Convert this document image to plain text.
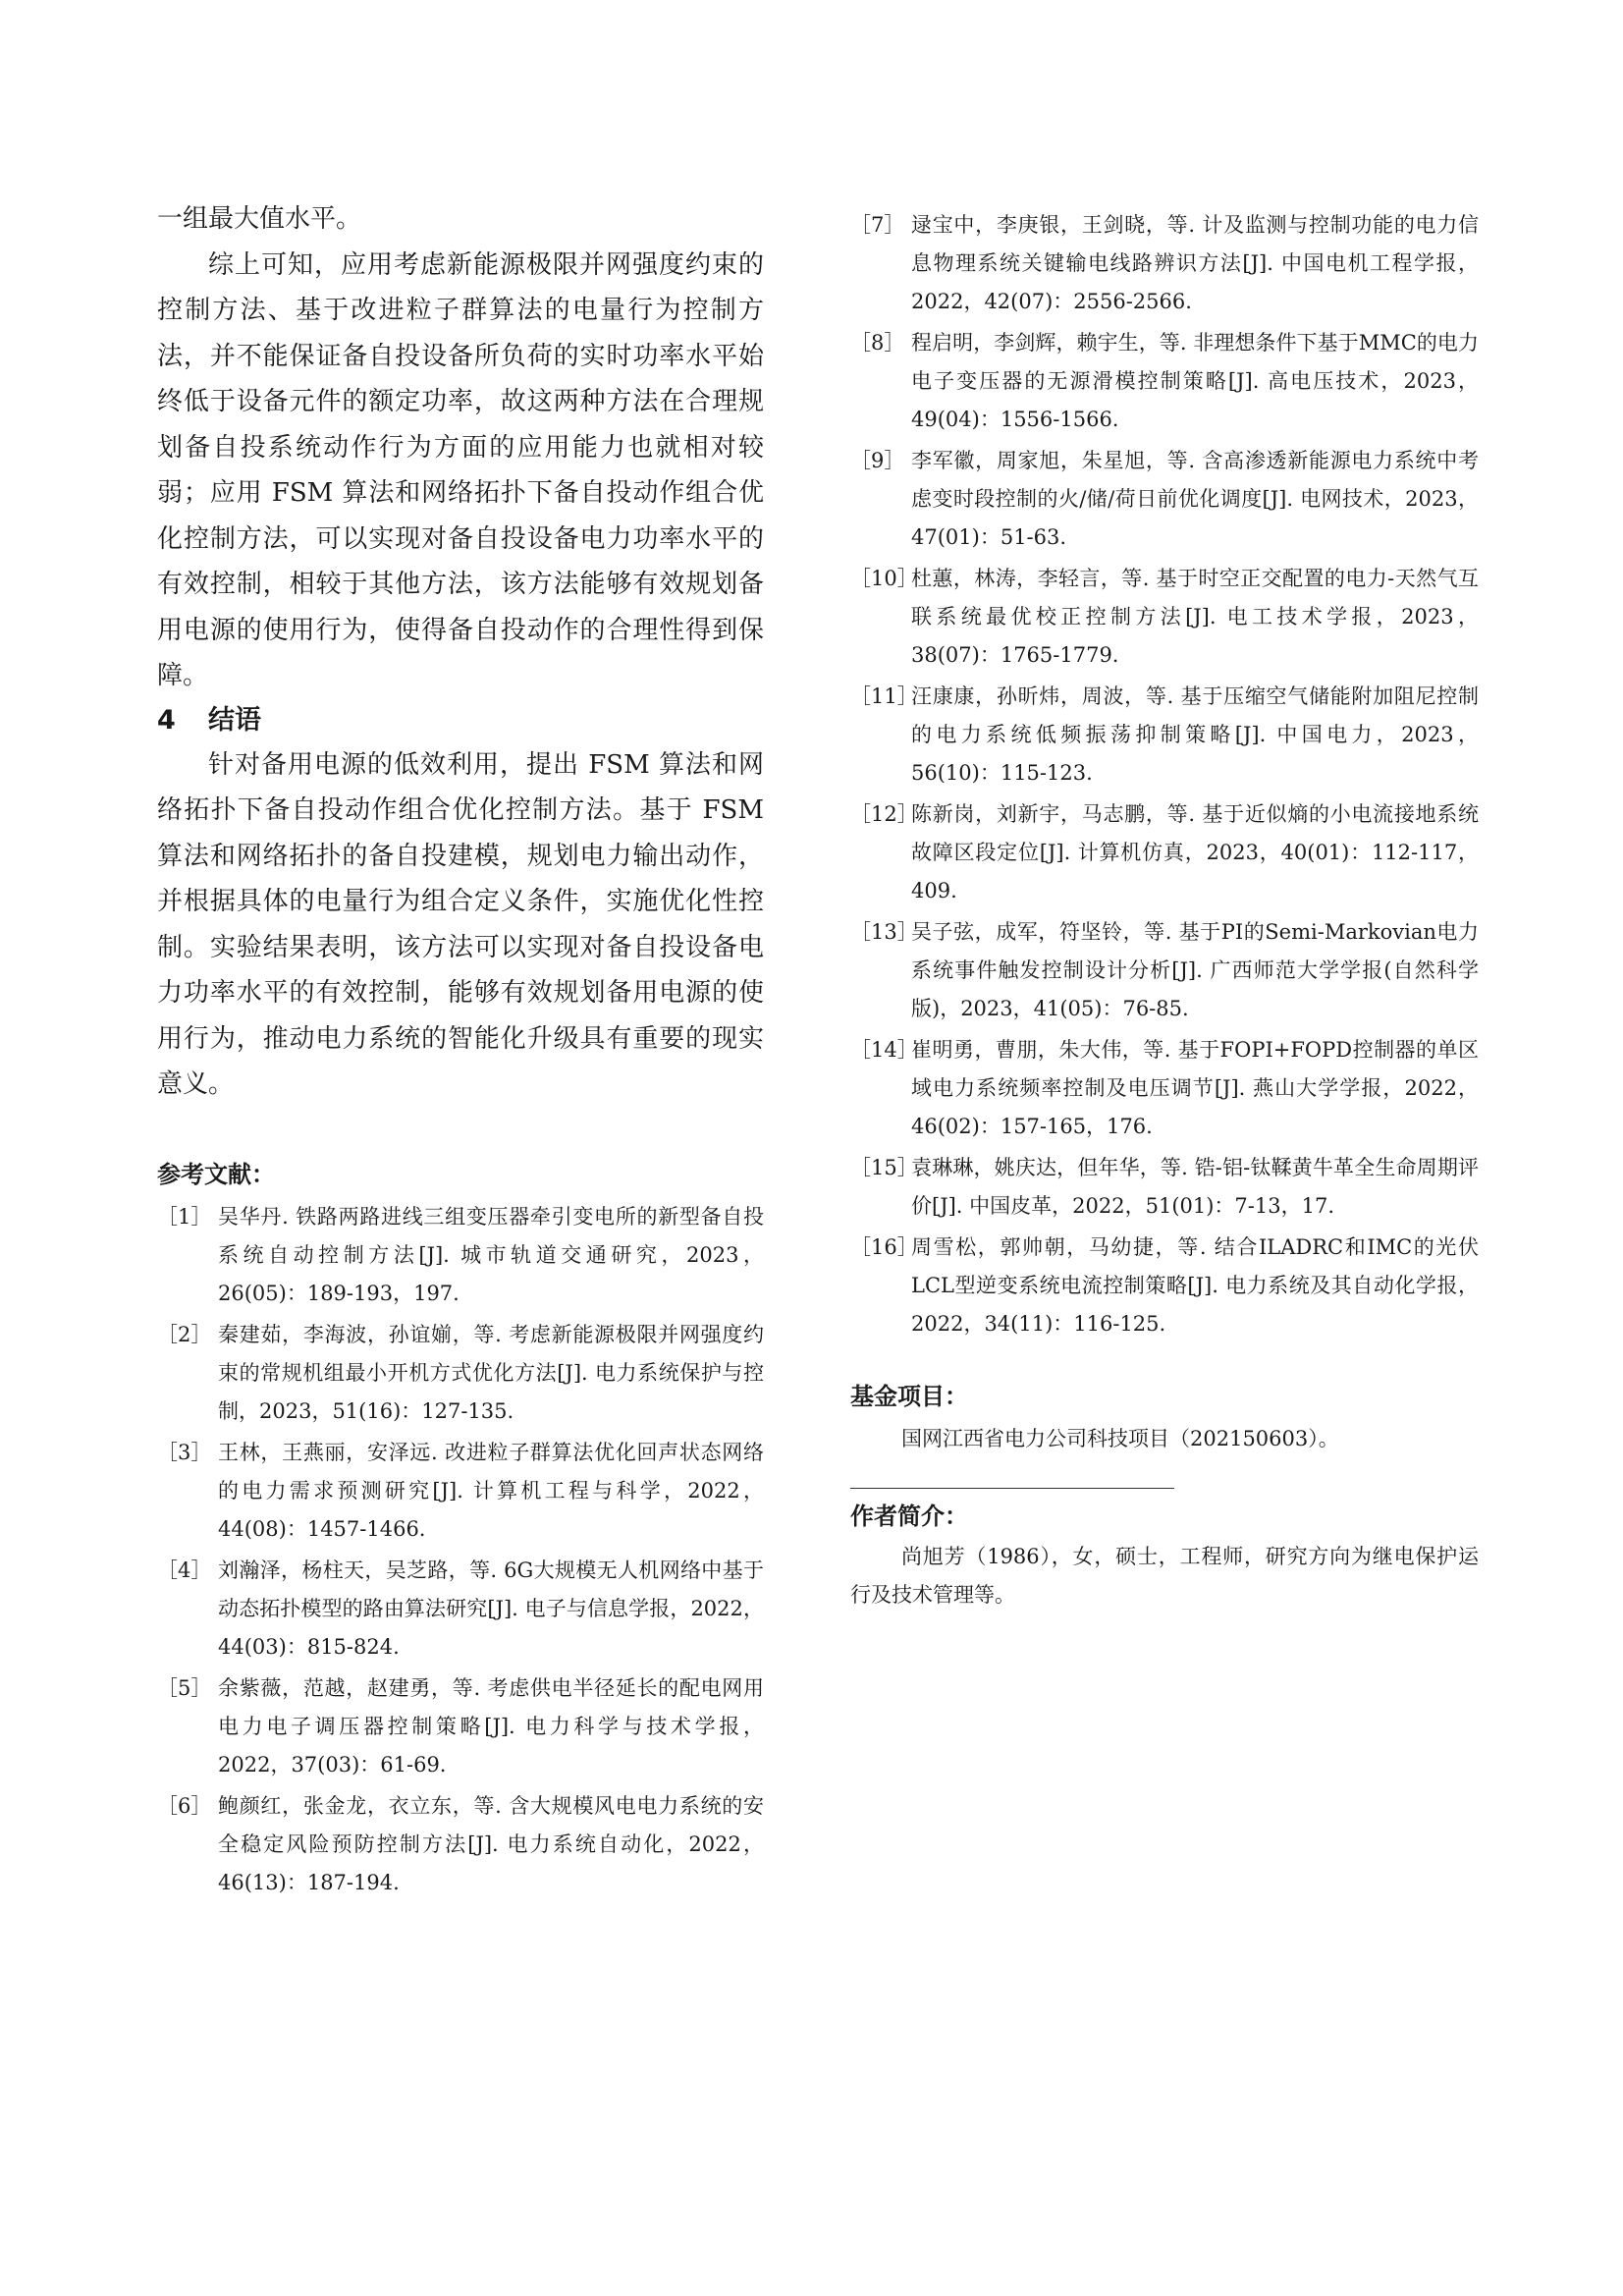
一组最大值水平。

综上可知，应用考虑新能源极限并网强度约束的控制方法、基于改进粒子群算法的电量行为控制方法，并不能保证备自投设备所负荷的实时功率水平始终低于设备元件的额定功率，故这两种方法在合理规划备自投系统动作行为方面的应用能力也就相对较弱；应用 FSM 算法和网络拓扑下备自投动作组合优化控制方法，可以实现对备自投设备电力功率水平的有效控制，相较于其他方法，该方法能够有效规划备用电源的使用行为，使得备自投动作的合理性得到保障。

4 结语

针对备用电源的低效利用，提出 FSM 算法和网络拓扑下备自投动作组合优化控制方法。基于 FSM 算法和网络拓扑的备自投建模，规划电力输出动作，并根据具体的电量行为组合定义条件，实施优化性控制。实验结果表明，该方法可以实现对备自投设备电力功率水平的有效控制，能够有效规划备用电源的使用行为，推动电力系统的智能化升级具有重要的现实意义。

参考文献：
［1］ 吴华丹. 铁路两路进线三组变压器牵引变电所的新型备自投系统自动控制方法[J]. 城市轨道交通研究，2023，26(05)：189-193，197.
［2］ 秦建茹，李海波，孙谊媊，等. 考虑新能源极限并网强度约束的常规机组最小开机方式优化方法[J]. 电力系统保护与控制，2023，51(16)：127-135.
［3］ 王林，王燕丽，安泽远. 改进粒子群算法优化回声状态网络的电力需求预测研究[J]. 计算机工程与科学，2022，44(08)：1457-1466.
［4］ 刘瀚泽，杨柱天，吴芝路，等. 6G大规模无人机网络中基于动态拓扑模型的路由算法研究[J]. 电子与信息学报，2022，44(03)：815-824.
［5］ 余紫薇，范越，赵建勇，等. 考虑供电半径延长的配电网用电力电子调压器控制策略[J]. 电力科学与技术学报， 2022，37(03)：61-69.
［6］ 鲍颜红，张金龙，衣立东，等. 含大规模风电电力系统的安全稳定风险预防控制方法[J]. 电力系统自动化，2022，46(13)：187-194.
［7］ 逯宝中，李庚银，王剑晓，等. 计及监测与控制功能的电力信息物理系统关键输电线路辨识方法[J]. 中国电机工程学报，2022，42(07)：2556-2566.
［8］ 程启明，李剑辉，赖宇生，等. 非理想条件下基于MMC的电力电子变压器的无源滑模控制策略[J]. 高电压技术，2023，49(04)：1556-1566.
［9］ 李军徽，周家旭，朱星旭，等. 含高渗透新能源电力系统中考虑变时段控制的火/储/荷日前优化调度[J]. 电网技术，2023，47(01)：51-63.
［10］
杜蕙，林涛，李轻言，等. 基于时空正交配置的电力-天然气互联系统最优校正控制方法[J]. 电工技术学报，2023，38(07)：1765-1779.
［11］
汪康康，孙昕炜，周波，等. 基于压缩空气储能附加阻尼控制的电力系统低频振荡抑制策略[J]. 中国电力，2023，56(10)：115-123.
［12］
陈新岗，刘新宇，马志鹏，等. 基于近似熵的小电流接地系统故障区段定位[J]. 计算机仿真，2023，40(01)：112-117，409.
［13］
吴子弦，成军，符坚铃，等. 基于PI的Semi-Markovian电力系统事件触发控制设计分析[J]. 广西师范大学学报(自然科学版)，2023，41(05)：76-85.
［14］
崔明勇，曹朋，朱大伟，等. 基于FOPI+FOPD控制器的单区域电力系统频率控制及电压调节[J]. 燕山大学学报，2022，46(02)：157-165，176.
［15］
袁琳琳，姚庆达，但年华，等. 锆-铝-钛鞣黄牛革全生命周期评价[J]. 中国皮革，2022，51(01)：7-13，17.
［16］
周雪松，郭帅朝，马幼捷，等. 结合ILADRC和IMC的光伏LCL型逆变系统电流控制策略[J]. 电力系统及其自动化学报，2022，34(11)：116-125.
基金项目：

国网江西省电力公司科技项目（202150603）。

作者简介：

尚旭芳（1986），女，硕士，工程师，研究方向为继电保护运行及技术管理等。
